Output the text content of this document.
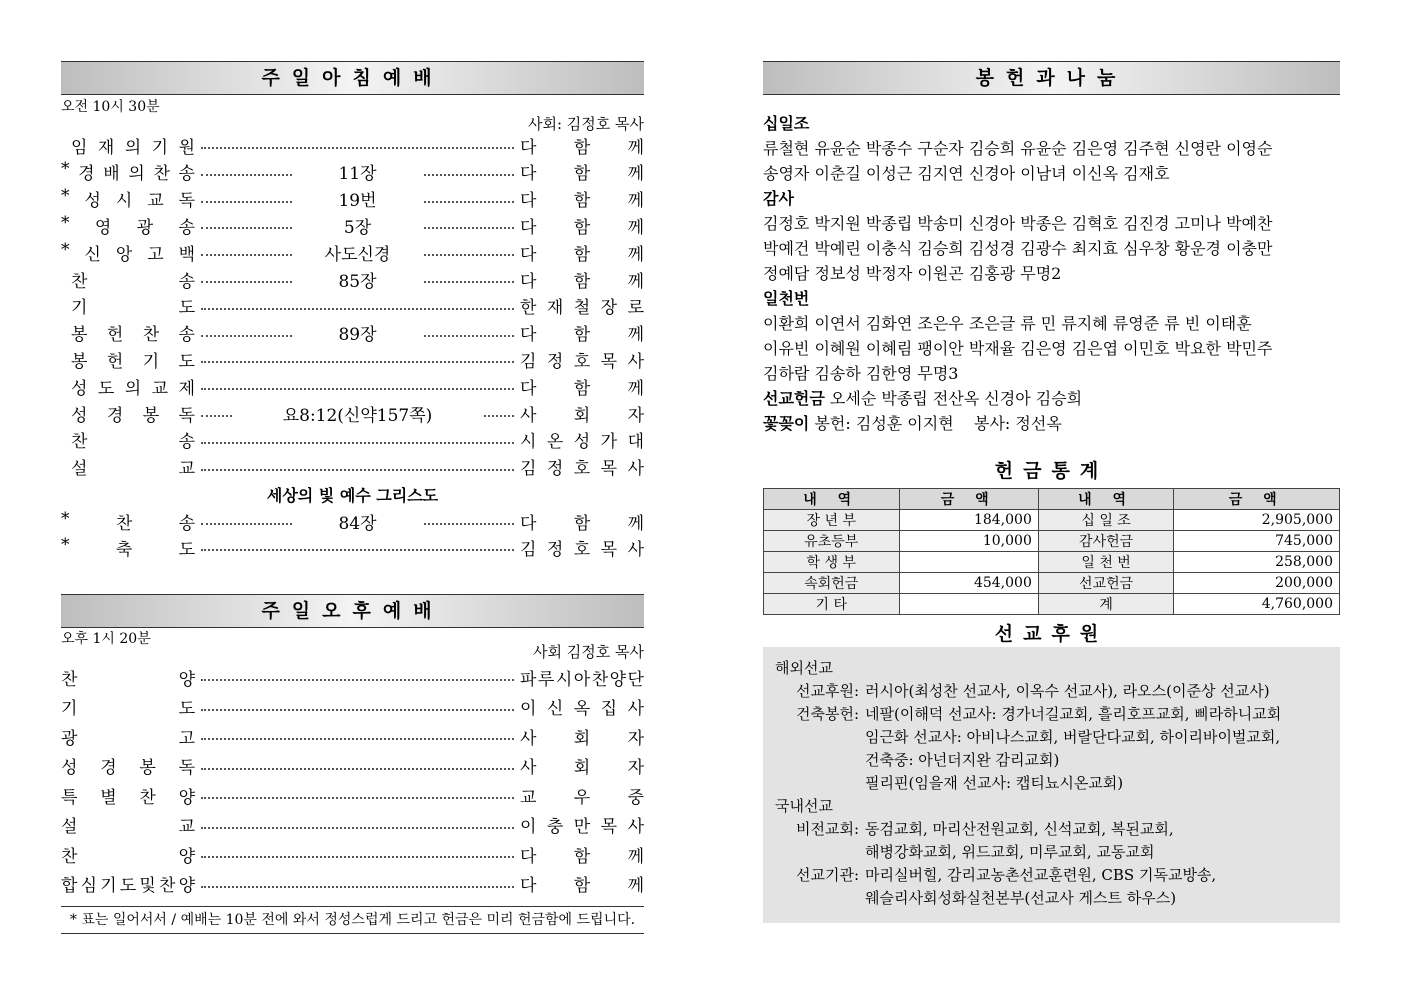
주일아침예배
오전 10시 30분
사회: 김정호 목사
임 재 의 기 원	다 함 께
* 경 배 의 찬 송	11장	다 함 께
* 성 시 교 독	19번	다 함 께
* 영 광 송	5장	다 함 께
* 신 앙 고 백	사도신경	다 함 께
찬	송	85장	다 함 께
기	도	한 재 철 장 로
봉 헌 찬 송	89장	다 함 께
봉 헌 기 도	김 정 호 목 사
성 도 의 교 제	다 함 께
성 경 봉 독	요8:12(신약157쪽)	사 회 자
찬	송	시 온 성 가 대
설	교	김 정 호 목 사
세상의 빛 예수 그리스도
*	찬	송	84장	다 함 께
*	축	도	김 정 호 목 사
주일오후예배
오후 1시 20분
사회 김정호 목사
찬	양	파 루 시 아 찬 양 단
기	도	이 신 옥 집 사
광	고	사 회 자
성 경 봉 독	사 회 자
특 별 찬 양	교 우 중
설	교	이 충 만 목 사
찬	양	다 함 께
합 심 기 도 및 찬 양	다 함 께
* 표는 일어서서 / 예배는 10분 전에 와서 정성스럽게 드리고 헌금은 미리 헌금함에 드립니다.
봉헌과나눔
십일조
류철현 유윤순 박종수 구순자 김승희 유윤순 김은영 김주현 신영란 이영순
송영자 이춘길 이성근 김지연 신경아 이남녀 이신옥 김재호
감사
김정호 박지원 박종립 박송미 신경아 박종은 김혁호 김진경 고미나 박예찬
박예건 박예린 이충식 김승희 김성경 김광수 최지효 심우창 황운경 이충만
정예담 정보성 박정자 이원곤 김홍광 무명2
일천번
이환희 이연서 김화연 조은우 조은글 류 민 류지혜 류영준 류 빈 이태훈
이유빈 이혜원 이혜림 팽이안 박재율 김은영 김은엽 이민호 박요한 박민주
김하람 김송하 김한영 무명3
선교헌금 오세순 박종립 전산옥 신경아 김승희
꽃꽂이 봉헌: 김성훈 이지현    봉사: 정선옥
헌금통계
내 역	금 액	내 역	금 액
장 년 부	184,000	십 일 조	2,905,000
유초등부	10,000	감사헌금	745,000
학 생 부		일 천 번	258,000
속회헌금	454,000	선교헌금	200,000
기 타		계	4,760,000
선교후원
해외선교
선교후원: 러시아(최성찬 선교사, 이옥수 선교사), 라오스(이준상 선교사)
건축봉헌: 네팔(이해덕 선교사: 경가너길교회, 흘리호프교회, 삐라하니교회
임근화 선교사: 아비나스교회, 버랄단다교회, 하이리바이벌교회,
건축중: 아넌더지완 감리교회)
필리핀(임을재 선교사: 캡티뇨시온교회)
국내선교
비전교회: 동검교회, 마리산전원교회, 신석교회, 복된교회,
해병강화교회, 위드교회, 미루교회, 교동교회
선교기관: 마리실버힐, 감리교농촌선교훈련원, CBS 기독교방송,
웨슬리사회성화실천본부(선교사 게스트 하우스)
